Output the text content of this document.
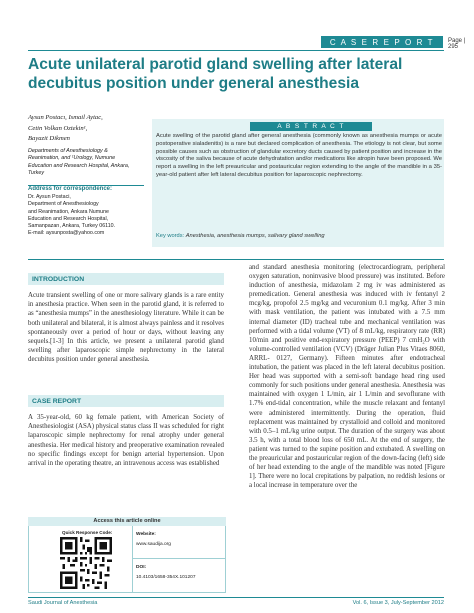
C A S E R E P O R T	Page | 295
Acute unilateral parotid gland swelling after lateral decubitus position under general anesthesia
Aysun Postacı, Ismail Aytac,
Cetin Volkan Oztekin¹,
Bayazit Dikmen
Departments of Anesthesiology & Reanimation, and ¹Urology, Numune Education and Research Hospital, Ankara, Turkey
Address for correspondence:
Dr. Aysun Postaci,
Department of Anesthesiology
and Reanimation, Ankara Numune
Education and Research Hospital,
Samanpazarı, Ankara, Turkey 06110.
E-mail: aysunposta@yahoo.com
A B S T R A C T

Acute swelling of the parotid gland after general anesthesia (commonly known as anesthesia mumps or acute postoperative sialadenitis) is a rare but declared complication of anesthesia. The etiology is not clear, but some possible causes such as obstruction of glandular excretory ducts caused by patient position and increase in the viscosity of the saliva because of acute dehydratation and/or medications like atropin have been proposed. We report a swelling in the left preauricular and postauricular region extending to the angle of the mandible in a 35-year-old patient after left lateral decubitus position for laparoscopic nephrectomy.

Key words: Anesthesia, anesthesia mumps, salivary gland swelling
INTRODUCTION

Acute transient swelling of one or more salivary glands is a rare entity in anesthesia practice. When seen in the parotid gland, it is referred to as “anesthesia mumps” in the anesthesiology literature. While it can be both unilateral and bilateral, it is almost always painless and it resolves spontaneously over a period of hour or days, without leaving any sequels.[1-3] In this article, we present a unilateral parotid gland swelling after laparoscopic simple nephrectomy in the lateral decubitus position under general anesthesia.

CASE REPORT

A 35-year-old, 60 kg female patient, with American Society of Anesthesiologist (ASA) physical status class II was scheduled for right laparoscopic simple nephrectomy for renal atrophy under general anesthesia. Her medical history and preoperative examination revealed no specific findings except for benign arterial hypertension. Upon arrival in the operating theatre, an intravenous access was established

Access this article online
Quick Response Code:	Website:
www.saudija.org
DOI:
10.4103/1658-354X.101207

and standard anesthesia monitoring (electrocardiogram, peripheral oxygen saturation, noninvasive blood pressure) was instituted. Before induction of anesthesia, midazolam 2 mg iv was administered as premedication. General anesthesia was induced with iv fentanyl 2 mcg/kg, propofol 2.5 mg/kg and vecuronium 0.1 mg/kg. After 3 min with mask ventilation, the patient was intubated with a 7.5 mm internal diameter (ID) tracheal tube and mechanical ventilation was performed with a tidal volume (VT) of 8 mL/kg, respiratory rate (RR) 10/min and positive end-expiratory pressure (PEEP) 7 cmH₂O with volume-controlled ventilation (VCV) (Dräger Julian Plus Vitaes 8060, ARRL- 0127, Germany). Fifteen minutes after endotracheal intubation, the patient was placed in the left lateral decubitus position. Her head was supported with a semi-soft bandage head ring used commonly for such positions under general anesthesia. Anesthesia was maintained with oxygen 1 L/min, air 1 L/min and sevoflurane with 1.7% end-tidal concentration, while the muscle relaxant and fentanyl were administered intermittently. During the operation, fluid replacement was maintained by crystalloid and colloid and monitored with 0.5–1 mL/kg urine output. The duration of the surgery was about 3.5 h, with a total blood loss of 650 mL. At the end of surgery, the patient was turned to the supine position and extubated. A swelling on the preauricular and postauricular region of the down-facing (left) side of her head extending to the angle of the mandible was noted [Figure 1]. There were no local crepitations by palpation, no reddish lesions or a local increase in temperature over the

Saudi Journal of Anesthesia	Vol. 6, Issue 3, July-September 2012
